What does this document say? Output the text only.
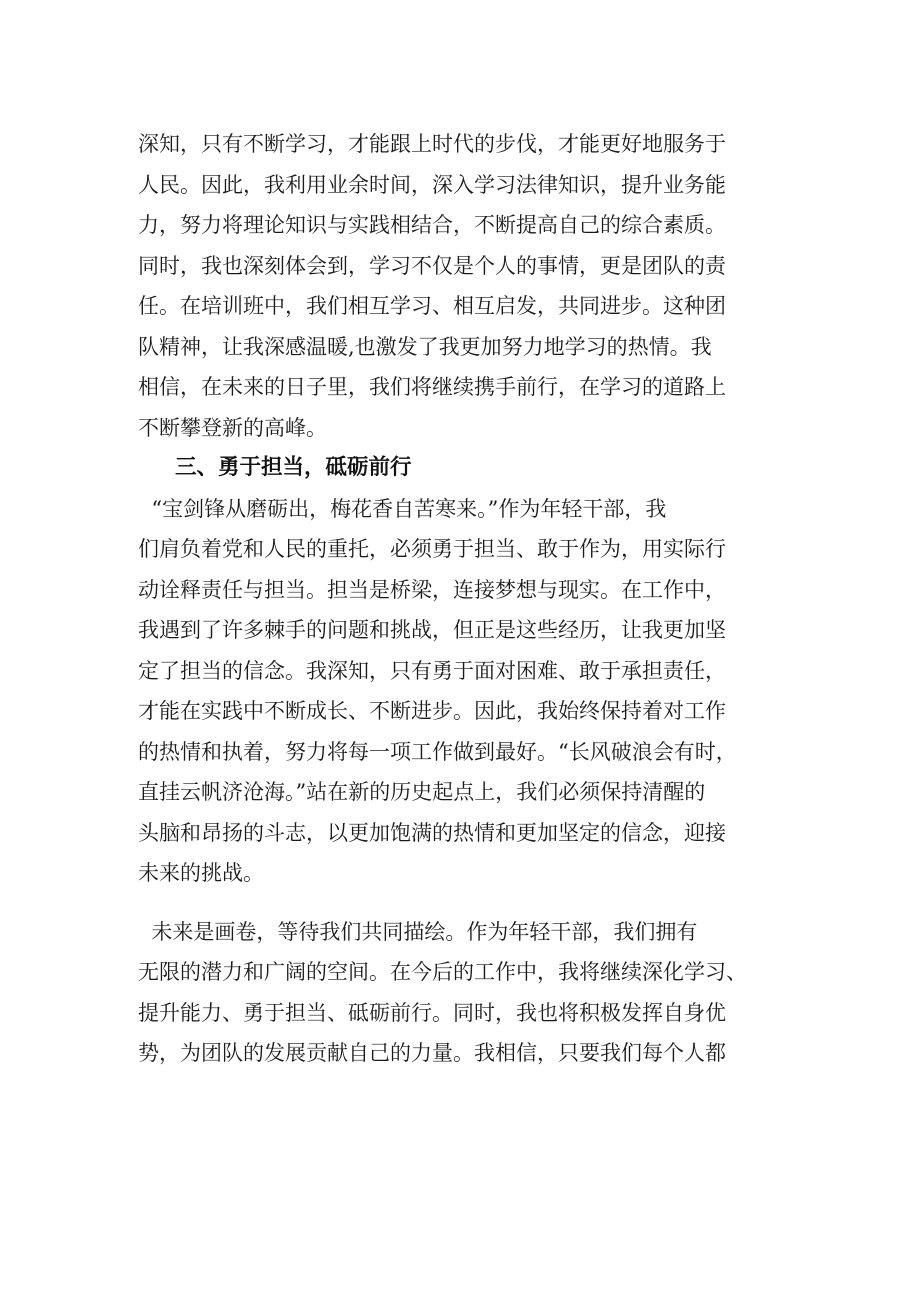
深知，只有不断学习，才能跟上时代的步伐，才能更好地服务于
人民。因此，我利用业余时间，深入学习法律知识，提升业务能
力，努力将理论知识与实践相结合，不断提高自己的综合素质。
同时，我也深刻体会到，学习不仅是个人的事情，更是团队的责
任。在培训班中，我们相互学习、相互启发，共同进步。这种团
队精神，让我深感温暖,也激发了我更加努力地学习的热情。我
相信，在未来的日子里，我们将继续携手前行，在学习的道路上
不断攀登新的高峰。
三、勇于担当，砥砺前行
“宝剑锋从磨砺出，梅花香自苦寒来。”作为年轻干部，我
们肩负着党和人民的重托，必须勇于担当、敢于作为，用实际行
动诠释责任与担当。担当是桥梁，连接梦想与现实。在工作中，
我遇到了许多棘手的问题和挑战，但正是这些经历，让我更加坚
定了担当的信念。我深知，只有勇于面对困难、敢于承担责任，
才能在实践中不断成长、不断进步。因此，我始终保持着对工作
的热情和执着，努力将每一项工作做到最好。“长风破浪会有时，
直挂云帆济沧海。”站在新的历史起点上，我们必须保持清醒的
头脑和昂扬的斗志，以更加饱满的热情和更加坚定的信念，迎接
未来的挑战。
未来是画卷，等待我们共同描绘。作为年轻干部，我们拥有
无限的潜力和广阔的空间。在今后的工作中，我将继续深化学习、
提升能力、勇于担当、砥砺前行。同时，我也将积极发挥自身优
势，为团队的发展贡献自己的力量。我相信，只要我们每个人都
